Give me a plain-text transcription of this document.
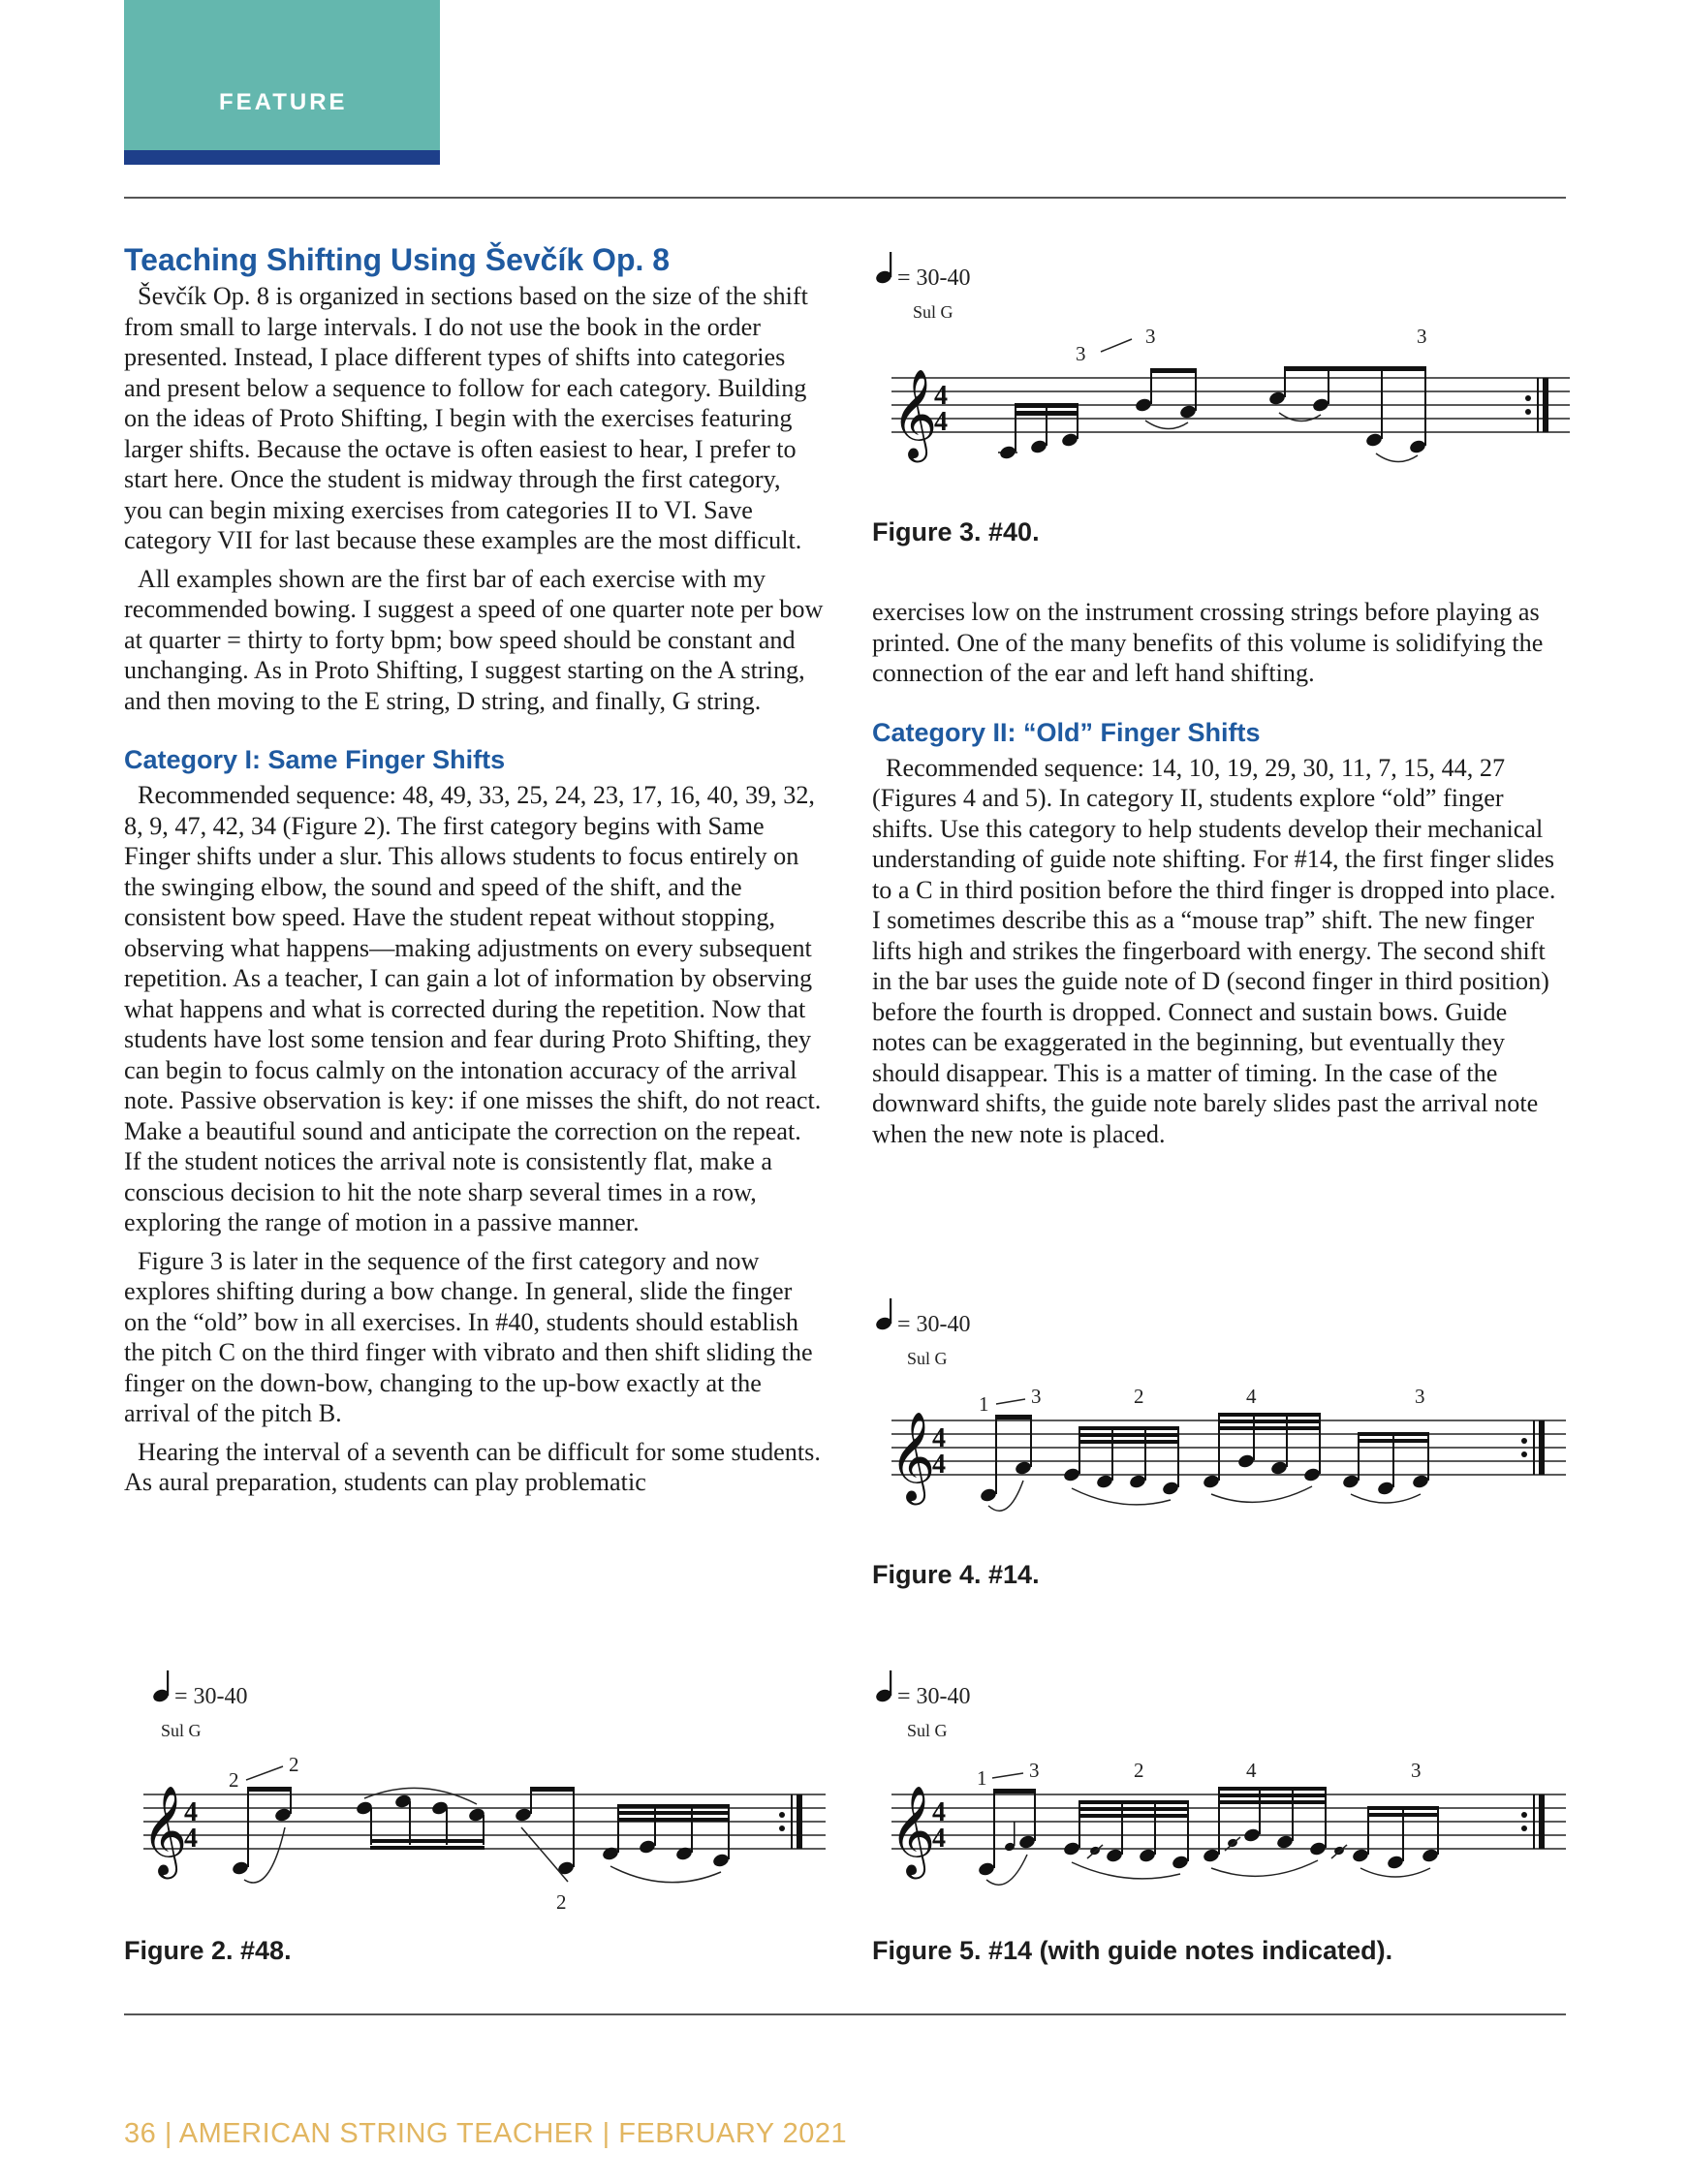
FEATURE
Teaching Shifting Using Ševčík Op. 8

Ševčík Op. 8 is organized in sections based on the size of the shift from small to large intervals. I do not use the book in the order presented. Instead, I place different types of shifts into categories and present below a sequence to follow for each category. Building on the ideas of Proto Shifting, I begin with the exercises featuring larger shifts. Because the octave is often easiest to hear, I prefer to start here. Once the student is midway through the first category, you can begin mixing exercises from categories II to VI. Save category VII for last because these examples are the most difficult.

All examples shown are the first bar of each exercise with my recommended bowing. I suggest a speed of one quarter note per bow at quarter = thirty to forty bpm; bow speed should be constant and unchanging. As in Proto Shifting, I suggest starting on the A string, and then moving to the E string, D string, and finally, G string.

Category I: Same Finger Shifts

Recommended sequence: 48, 49, 33, 25, 24, 23, 17, 16, 40, 39, 32, 8, 9, 47, 42, 34 (Figure 2). The first category begins with Same Finger shifts under a slur. This allows students to focus entirely on the swinging elbow, the sound and speed of the shift, and the consistent bow speed. Have the student repeat without stopping, observing what happens—making adjustments on every subsequent repetition. As a teacher, I can gain a lot of information by observing what happens and what is corrected during the repetition. Now that students have lost some tension and fear during Proto Shifting, they can begin to focus calmly on the intonation accuracy of the arrival note. Passive observation is key: if one misses the shift, do not react. Make a beautiful sound and anticipate the correction on the repeat. If the student notices the arrival note is consistently flat, make a conscious decision to hit the note sharp several times in a row, exploring the range of motion in a passive manner.

Figure 3 is later in the sequence of the first category and now explores shifting during a bow change. In general, slide the finger on the “old” bow in all exercises. In #40, students should establish the pitch C on the third finger with vibrato and then shift sliding the finger on the down-bow, changing to the up-bow exactly at the arrival of the pitch B.

Hearing the interval of a seventh can be difficult for some students. As aural preparation, students can play problematic

exercises low on the instrument crossing strings before playing as printed. One of the many benefits of this volume is solidifying the connection of the ear and left hand shifting.

Category II: “Old” Finger Shifts

Recommended sequence: 14, 10, 19, 29, 30, 11, 7, 15, 44, 27 (Figures 4 and 5). In category II, students explore “old” finger shifts. Use this category to help students develop their mechanical understanding of guide note shifting. For #14, the first finger slides to a C in third position before the third finger is dropped into place. I sometimes describe this as a “mouse trap” shift. The new finger lifts high and strikes the fingerboard with energy. The second shift in the bar uses the guide note of D (second finger in third position) before the fourth is dropped. Connect and sustain bows. Guide notes can be exaggerated in the beginning, but eventually they should disappear. This is a matter of timing. In the case of the downward shifts, the guide note barely slides past the arrival note when the new note is placed.

= 30-40
Sul G
𝄞
4
4
3
3	3
Figure 3. #40.
= 30-40
Sul G
𝄞
4
4
1 3	2	4	3
Figure 4. #14.
= 30-40
Sul G
𝄞
4
4
2
2
2
Figure 2. #48.
= 30-40
Sul G
𝄞
4
4
1 3	2	4	3
Figure 5. #14 (with guide notes indicated).
36 | AMERICAN STRING TEACHER | FEBRUARY 2021
